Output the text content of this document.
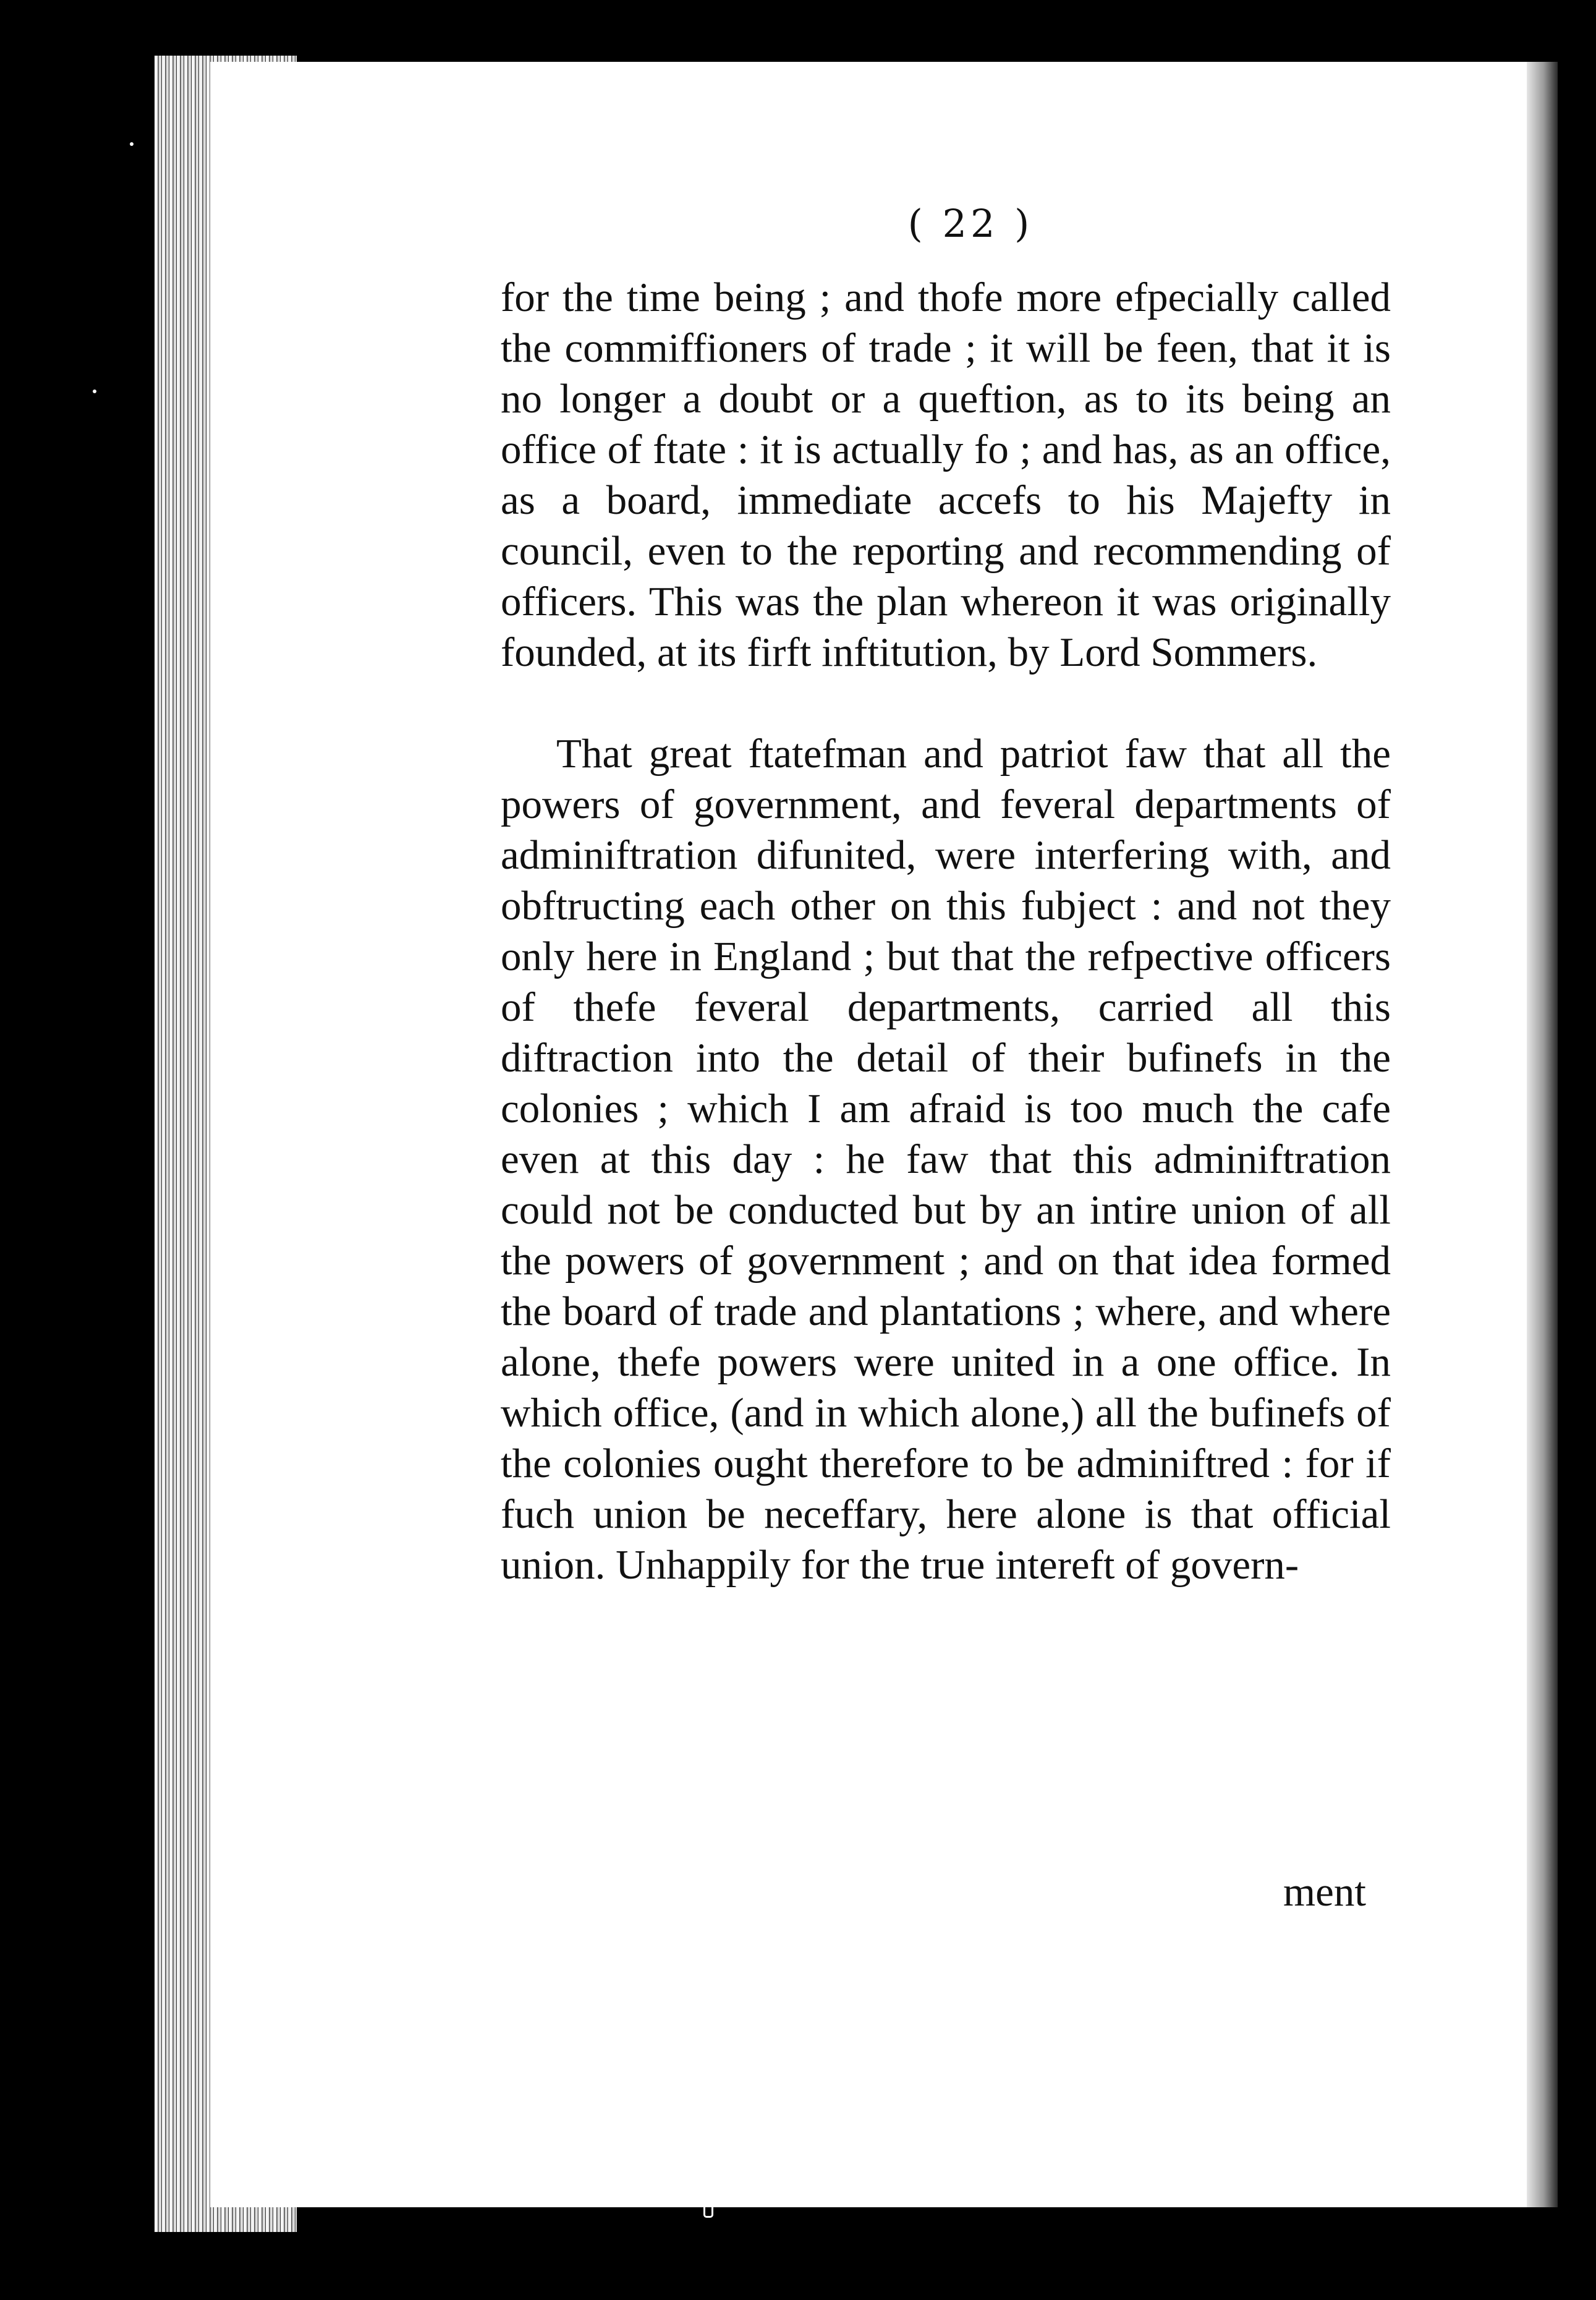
( 22 )

for the time being ; and thofe more efpecially called the commiffioners of trade ; it will be feen, that it is no longer a doubt or a queftion, as to its being an office of ftate : it is actually fo ; and has, as an office, as a board, immediate accefs to his Majefty in council, even to the reporting and recommending of officers. This was the plan whereon it was originally founded, at its firft inftitution, by Lord Sommers.

That great ftatefman and patriot faw that all the powers of government, and feveral departments of adminiftration difunited, were interfering with, and obftructing each other on this fubject : and not they only here in England ; but that the refpective officers of thefe feveral departments, carried all this diftraction into the detail of their bufinefs in the colonies ; which I am afraid is too much the cafe even at this day : he faw that this adminiftration could not be conducted but by an intire union of all the powers of government ; and on that idea formed the board of trade and plantations ; where, and where alone, thefe powers were united in a one office. In which office, (and in which alone,) all the bufinefs of the colonies ought therefore to be adminiftred : for if fuch union be neceffary, here alone is that official union. Unhappily for the true intereft of govern-

ment
